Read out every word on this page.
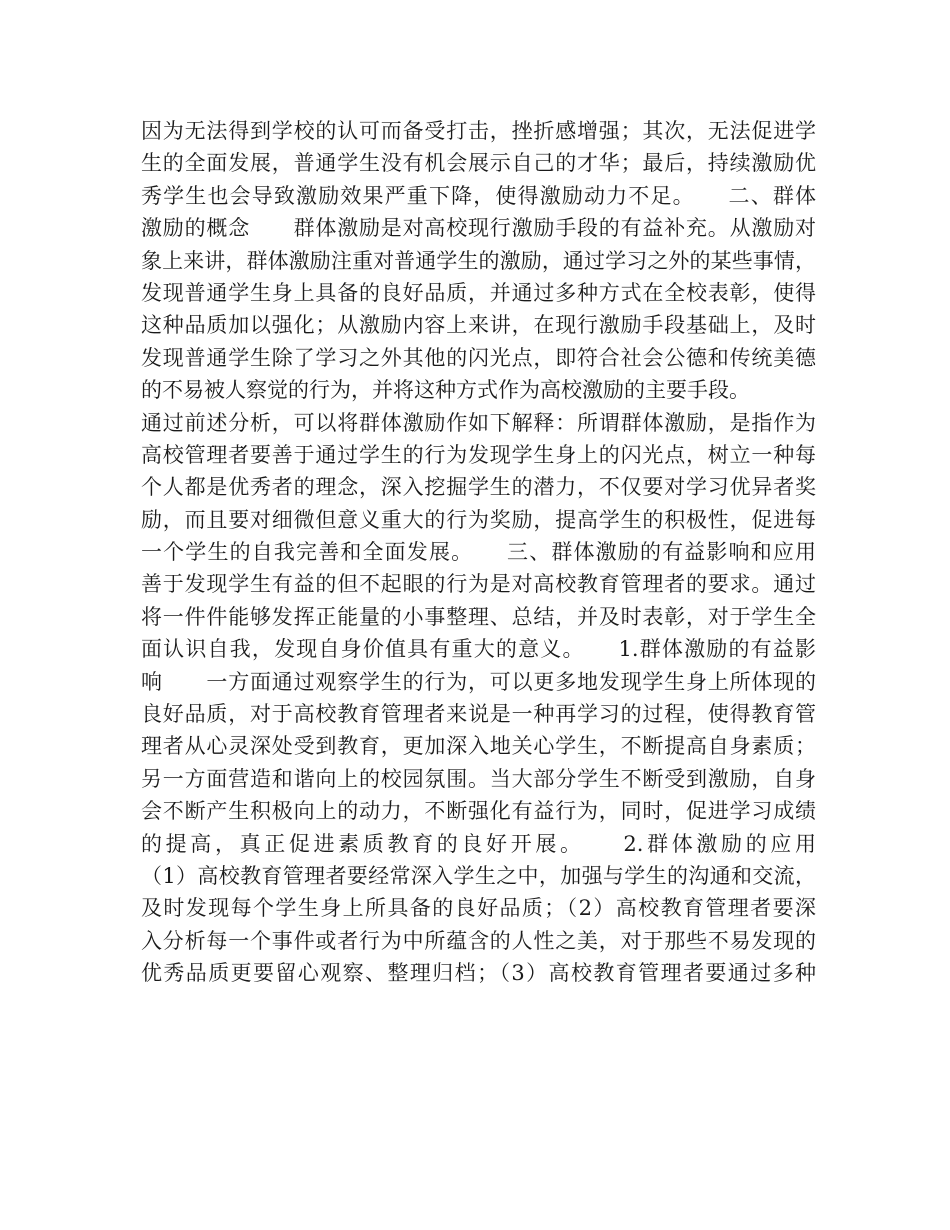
因为无法得到学校的认可而备受打击，挫折感增强；其次，无法促进学
生的全面发展，普通学生没有机会展示自己的才华；最后，持续激励优
秀学生也会导致激励效果严重下降，使得激励动力不足。　　二、群体
激励的概念　　群体激励是对高校现行激励手段的有益补充。从激励对
象上来讲，群体激励注重对普通学生的激励，通过学习之外的某些事情，
发现普通学生身上具备的良好品质，并通过多种方式在全校表彰，使得
这种品质加以强化；从激励内容上来讲，在现行激励手段基础上，及时
发现普通学生除了学习之外其他的闪光点，即符合社会公德和传统美德
的不易被人察觉的行为，并将这种方式作为高校激励的主要手段。
通过前述分析，可以将群体激励作如下解释：所谓群体激励，是指作为
高校管理者要善于通过学生的行为发现学生身上的闪光点，树立一种每
个人都是优秀者的理念，深入挖掘学生的潜力，不仅要对学习优异者奖
励，而且要对细微但意义重大的行为奖励，提高学生的积极性，促进每
一个学生的自我完善和全面发展。　　三、群体激励的有益影响和应用
善于发现学生有益的但不起眼的行为是对高校教育管理者的要求。通过
将一件件能够发挥正能量的小事整理、总结，并及时表彰，对于学生全
面认识自我，发现自身价值具有重大的意义。　　1.群体激励的有益影
响　　一方面通过观察学生的行为，可以更多地发现学生身上所体现的
良好品质，对于高校教育管理者来说是一种再学习的过程，使得教育管
理者从心灵深处受到教育，更加深入地关心学生，不断提高自身素质；
另一方面营造和谐向上的校园氛围。当大部分学生不断受到激励，自身
会不断产生积极向上的动力，不断强化有益行为，同时，促进学习成绩
的提高，真正促进素质教育的良好开展。　　2.群体激励的应用
（1）高校教育管理者要经常深入学生之中，加强与学生的沟通和交流，
及时发现每个学生身上所具备的良好品质；（2）高校教育管理者要深
入分析每一个事件或者行为中所蕴含的人性之美，对于那些不易发现的
优秀品质更要留心观察、整理归档；（3）高校教育管理者要通过多种
